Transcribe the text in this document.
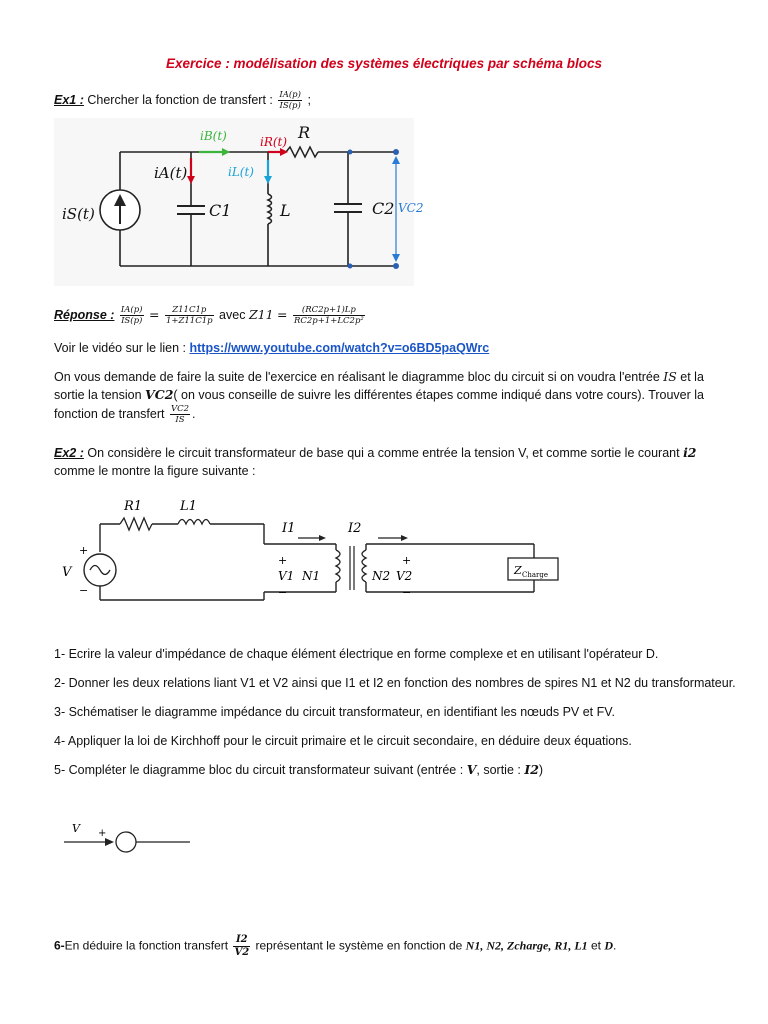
Exercice : modélisation des systèmes électriques par schéma blocs
Ex1 : Chercher la fonction de transfert : $\frac{IA(p)}{IS(p)}$ ;
iS(t)
iA(t)
iB(t)	iR(t)
iL(t)
R
C1	L	C2 VC2
Réponse : $\frac{IA(p)}{IS(p)} = \frac{Z11C1p}{1+Z11C1p}$ avec $Z11 = \frac{(RC2p+1)Lp}{\text{RC2p+1+LC2p²}}$
Voir le vidéo sur le lien : https://www.youtube.com/watch?v=o6BD5paQWrc
On vous demande de faire la suite de l'exercice en réalisant le diagramme bloc du circuit si on voudra l'entrée IS et la
sortie la tension VC2( on vous conseille de suivre les différentes étapes comme indiqué dans votre cours). Trouver la
fonction de transfert $\frac{VC2}{IS}$ .
Ex2 : On considère le circuit transformateur de base qui a comme entrée la tension V, et comme sortie le courant i2
comme le montre la figure suivante :
R1	L1
I1	I2
V
+
−
+
V1
−
N1	N2
+
V2
−
Z Charge
1- Ecrire la valeur d'impédance de chaque élément électrique en forme complexe et en utilisant l'opérateur D.
2- Donner les deux relations liant V1 et V2 ainsi que I1 et I2 en fonction des nombres de spires N1 et N2 du transformateur.
3- Schématiser le diagramme impédance du circuit transformateur, en identifiant les nœuds PV et FV.
4- Appliquer la loi de Kirchhoff pour le circuit primaire et le circuit secondaire, en déduire deux équations.
5- Compléter le diagramme bloc du circuit transformateur suivant (entrée : V, sortie : I2)
V +
6-En déduire la fonction transfert $\frac{I2}{V2}$ représentant le système en fonction de N1, N2, Zcharge, R1, L1 et D.
